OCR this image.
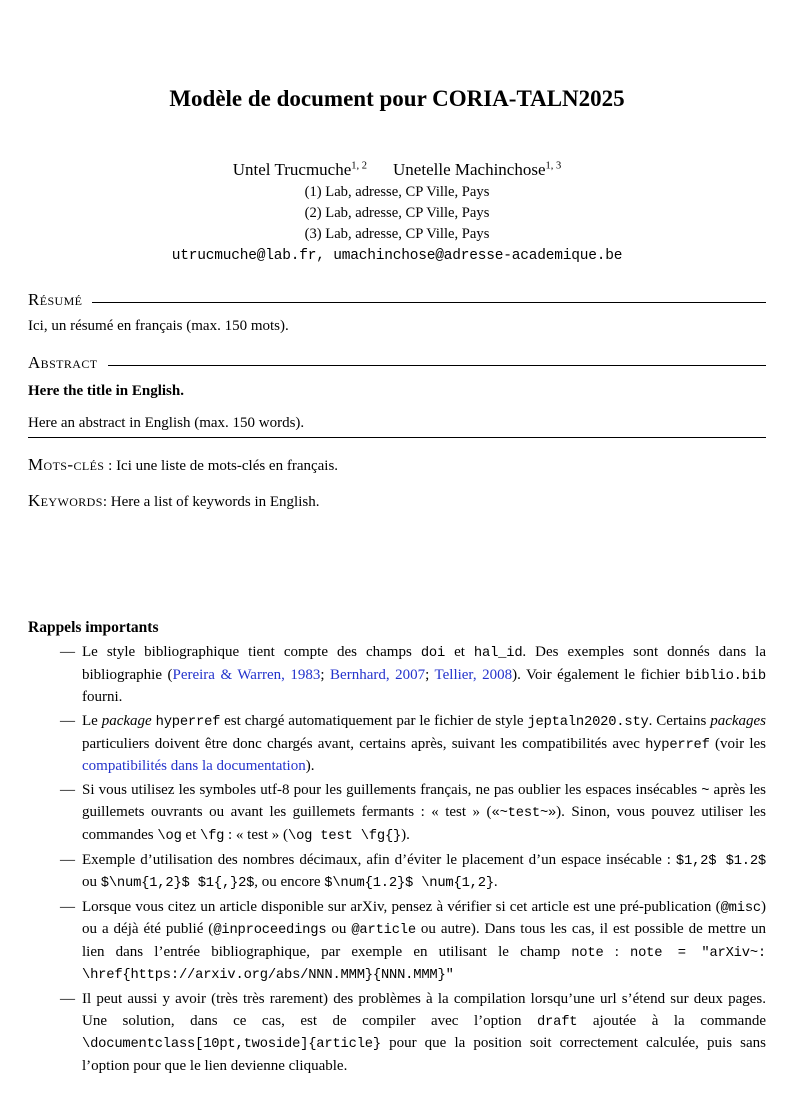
Modèle de document pour CORIA-TALN2025
Untel Trucmuche$^{1, 2}$ Unetelle Machinchose$^{1, 3}$
(1) Lab, adresse, CP Ville, Pays
(2) Lab, adresse, CP Ville, Pays
(3) Lab, adresse, CP Ville, Pays
utrucmuche@lab.fr, umachinchose@adresse-academique.be
Résumé

Ici, un résumé en français (max. 150 mots).

Abstract

Here the title in English.

Here an abstract in English (max. 150 words).

Mots-clés : Ici une liste de mots-clés en français.

Keywords: Here a list of keywords in English.

Rappels importants
— Le style bibliographique tient compte des champs doi et hal_id. Des exemples sont donnés dans la bibliographie (Pereira & Warren, 1983; Bernhard, 2007; Tellier, 2008). Voir également le fichier biblio.bib fourni.
— Le package hyperref est chargé automatiquement par le fichier de style jeptaln2020.sty. Certains packages particuliers doivent être donc chargés avant, certains après, suivant les compatibilités avec hyperref (voir les compatibilités dans la documentation).
— Si vous utilisez les symboles utf-8 pour les guillements français, ne pas oublier les espaces insécables ~ après les guillemets ouvrants ou avant les guillemets fermants : « test » («~test~»). Sinon, vous pouvez utiliser les commandes \og et \fg : « test » (\og test \fg{}).
— Exemple d’utilisation des nombres décimaux, afin d’éviter le placement d’un espace insécable : $1,2$ $1.2$ ou $\num{1,2}$ $1{,}2$, ou encore $\num{1.2}$ \num{1,2}.
— Lorsque vous citez un article disponible sur arXiv, pensez à vérifier si cet article est une pré-publication (@misc) ou a déjà été publié (@inproceedings ou @article ou autre). Dans tous les cas, il est possible de mettre un lien dans l’entrée bibliographique, par exemple en utilisant le champ note : note = "arXiv~: \href{https://arxiv.org/abs/NNN.MMM}{NNN.MMM}"
— Il peut aussi y avoir (très très rarement) des problèmes à la compilation lorsqu’une url s’étend sur deux pages. Une solution, dans ce cas, est de compiler avec l’option draft ajoutée à la commande \documentclass[10pt,twoside]{article} pour que la position soit correctement calculée, puis sans l’option pour que le lien devienne cliquable.
